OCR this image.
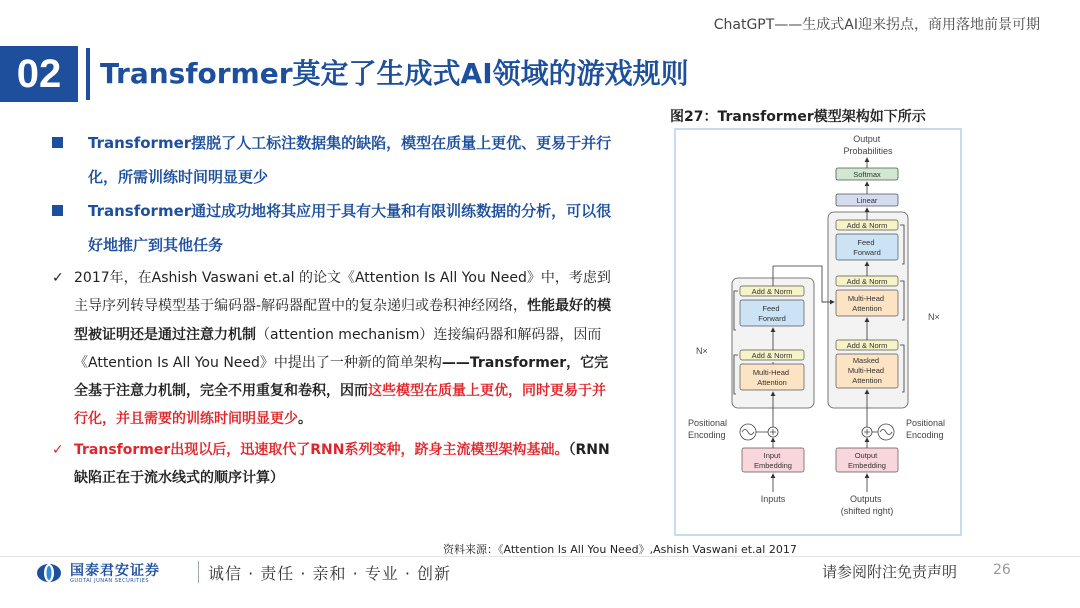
ChatGPT——生成式AI迎来拐点，商用落地前景可期
02	Transformer莫定了生成式AI领域的游戏规则
Transformer摆脱了人工标注数据集的缺陷，模型在质量上更优、更易于并行化，所需训练时间明显更少
Transformer通过成功地将其应用于具有大量和有限训练数据的分析，可以很好地推广到其他任务
✓ 2017年，在Ashish Vaswani et.al 的论文《Attention Is All You Need》中，考虑到主导序列转导模型基于编码器-解码器配置中的复杂递归或卷积神经网络，性能最好的模型被证明还是通过注意力机制（attention mechanism）连接编码器和解码器，因而《Attention Is All You Need》中提出了一种新的简单架构——Transformer，它完全基于注意力机制，完全不用重复和卷积，因而这些模型在质量上更优，同时更易于并行化，并且需要的训练时间明显更少。
✓ Transformer出现以后，迅速取代了RNN系列变种，跻身主流模型架构基础。（RNN缺陷正在于流水线式的顺序计算）
图27：Transformer模型架构如下所示
Output Probabilities
Softmax
Linear
Add & Norm
Feed Forward
Add & Norm
Multi-Head Attention
Add & Norm
Masked Multi-Head Attention
Add & Norm
Feed Forward
Add & Norm
Multi-Head Attention
N×
N×
Input Embedding
Output Embedding
Positional Encoding
Positional Encoding
Inputs	Outputs (shifted right)
资料来源：《Attention Is All You Need》,Ashish Vaswani et.al 2017
国泰君安证券
GUOTAI JUNAN SECURITIES	诚信 · 责任 · 亲和 · 专业 · 创新	请参阅附注免责声明	26
